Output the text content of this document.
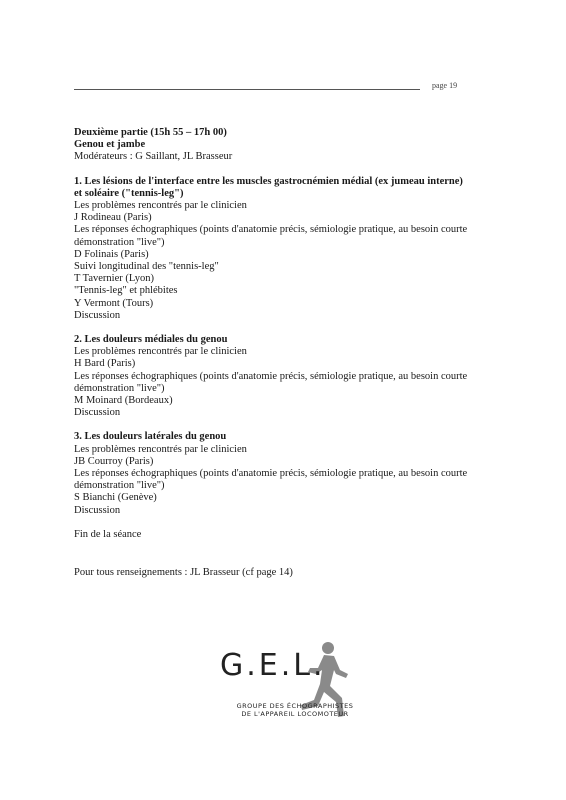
page 19

Deuxième partie (15h 55 – 17h 00)

Genou et jambe

Modérateurs : G Saillant, JL Brasseur

1. Les lésions de l'interface entre les muscles gastrocnémien médial (ex jumeau interne)

et soléaire ("tennis-leg")

Les problèmes rencontrés par le clinicien

J Rodineau (Paris)

Les réponses échographiques (points d'anatomie précis, sémiologie pratique, au besoin courte

démonstration "live")

D Folinais (Paris)

Suivi longitudinal des "tennis-leg"

T Tavernier (Lyon)

"Tennis-leg" et phlébites

Y Vermont (Tours)

Discussion

2. Les douleurs médiales du genou

Les problèmes rencontrés par le clinicien

H Bard (Paris)

Les réponses échographiques (points d'anatomie précis, sémiologie pratique, au besoin courte

démonstration "live")

M Moinard (Bordeaux)

Discussion

3. Les douleurs latérales du genou

Les problèmes rencontrés par le clinicien

JB Courroy (Paris)

Les réponses échographiques (points d'anatomie précis, sémiologie pratique, au besoin courte

démonstration "live")

S Bianchi (Genève)

Discussion

Fin de la séance

Pour tous renseignements : JL Brasseur (cf page 14)

G.E.L.
GROUPE DES ÉCHOGRAPHISTES
DE L'APPAREIL LOCOMOTEUR
